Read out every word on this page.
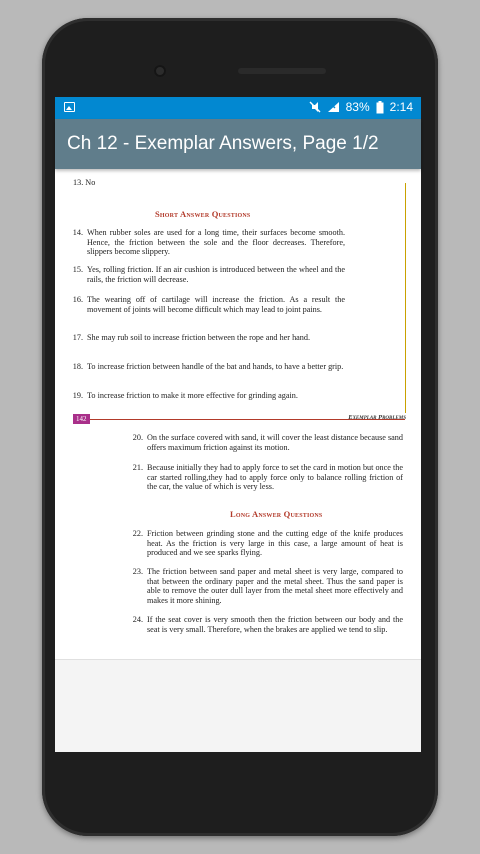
83% 2:14
Ch 12 - Exemplar Answers, Page 1/2
13. No
Short Answer Questions
14. When rubber soles are used for a long time, their surfaces become smooth. Hence, the friction between the sole and the floor decreases. Therefore, slippers become slippery.
15. Yes, rolling friction. If an air cushion is introduced between the wheel and the rails, the friction will decrease.
16. The wearing off of cartilage will increase the friction. As a result the movement of joints will become difficult which may lead to joint pains.
17. She may rub soil to increase friction between the rope and her hand.
18. To increase friction between handle of the bat and hands, to have a better grip.
19. To increase friction to make it more effective for grinding again.
142	Exemplar Problems
20. On the surface covered with sand, it will cover the least distance because sand offers maximum friction against its motion.
21. Because initially they had to apply force to set the card in motion but once the car started rolling,they had to apply force only to balance rolling friction of the car, the value of which is very less.
Long Answer Questions
22. Friction between grinding stone and the cutting edge of the knife produces heat. As the friction is very large in this case, a large amount of heat is produced and we see sparks flying.
23. The friction between sand paper and metal sheet is very large, compared to that between the ordinary paper and the metal sheet. Thus the sand paper is able to remove the outer dull layer from the metal sheet more effectively and makes it more shining.
24. If the seat cover is very smooth then the friction between our body and the seat is very small. Therefore, when the brakes are applied we tend to slip.
